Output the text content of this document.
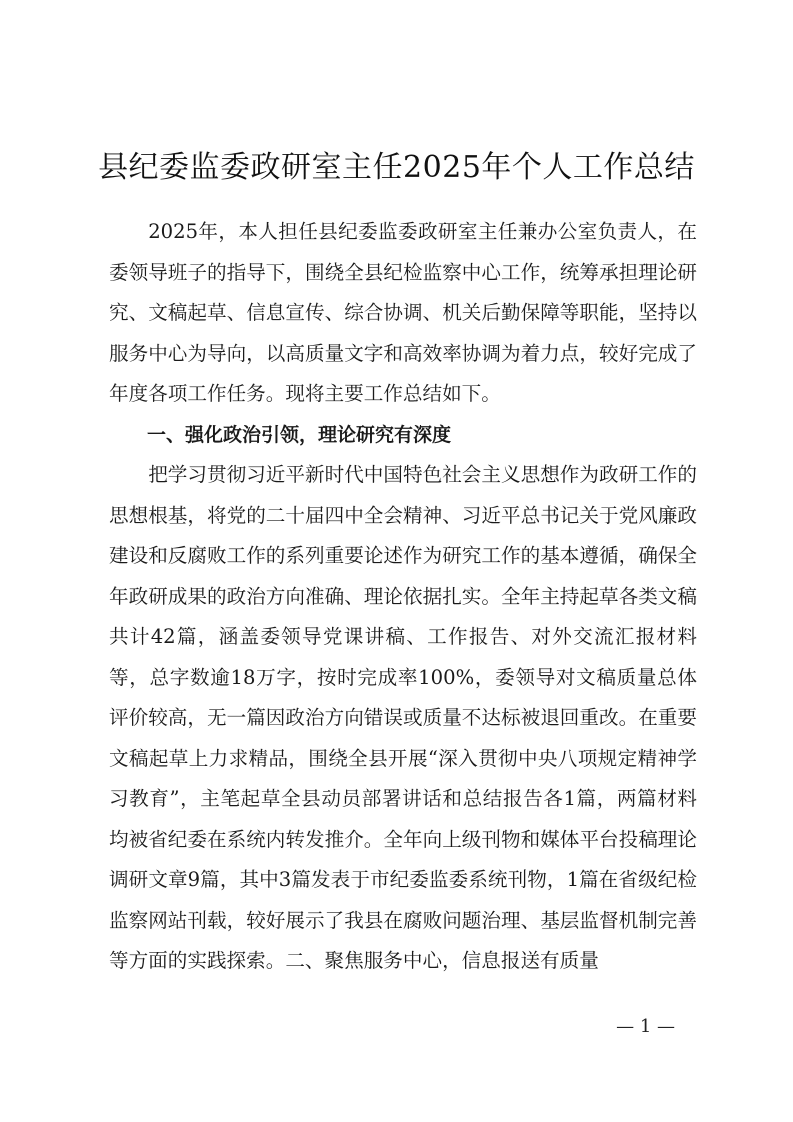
县纪委监委政研室主任2025年个人工作总结

2025年，本人担任县纪委监委政研室主任兼办公室负责人，在委领导班子的指导下，围绕全县纪检监察中心工作，统筹承担理论研究、文稿起草、信息宣传、综合协调、机关后勤保障等职能，坚持以服务中心为导向，以高质量文字和高效率协调为着力点，较好完成了年度各项工作任务。现将主要工作总结如下。

一、强化政治引领，理论研究有深度

把学习贯彻习近平新时代中国特色社会主义思想作为政研工作的思想根基，将党的二十届四中全会精神、习近平总书记关于党风廉政建设和反腐败工作的系列重要论述作为研究工作的基本遵循，确保全年政研成果的政治方向准确、理论依据扎实。全年主持起草各类文稿共计42篇，涵盖委领导党课讲稿、工作报告、对外交流汇报材料等，总字数逾18万字，按时完成率100%，委领导对文稿质量总体评价较高，无一篇因政治方向错误或质量不达标被退回重改。在重要文稿起草上力求精品，围绕全县开展“深入贯彻中央八项规定精神学习教育”，主笔起草全县动员部署讲话和总结报告各1篇，两篇材料均被省纪委在系统内转发推介。全年向上级刊物和媒体平台投稿理论调研文章9篇，其中3篇发表于市纪委监委系统刊物，1篇在省级纪检监察网站刊载，较好展示了我县在腐败问题治理、基层监督机制完善等方面的实践探索。二、聚焦服务中心，信息报送有质量

— 1 —
